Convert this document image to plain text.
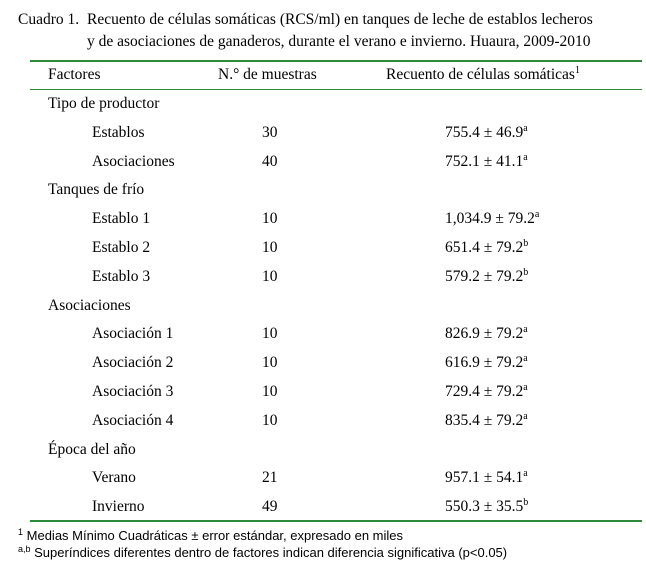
Cuadro 1. Recuento de células somáticas (RCS/ml) en tanques de leche de establos lecheros
y de asociaciones de ganaderos, durante el verano e invierno. Huaura, 2009-2010
Factores	N.° de muestras	Recuento de células somáticas$^1$
Tipo de productor
Establos	30	755.4 ± 46.9$^a$
Asociaciones	40	752.1 ± 41.1$^a$
Tanques de frío
Establo 1	10	1,034.9 ± 79.2$^a$
Establo 2	10	651.4 ± 79.2$^b$
Establo 3	10	579.2 ± 79.2$^b$
Asociaciones
Asociación 1	10	826.9 ± 79.2$^a$
Asociación 2	10	616.9 ± 79.2$^a$
Asociación 3	10	729.4 ± 79.2$^a$
Asociación 4	10	835.4 ± 79.2$^a$
Época del año
Verano	21	957.1 ± 54.1$^a$
Invierno	49	550.3 ± 35.5$^b$
$^1$ Medias Mínimo Cuadráticas ± error estándar, expresado en miles
$^{a,b}$ Superíndices diferentes dentro de factores indican diferencia significativa (p<0.05)
